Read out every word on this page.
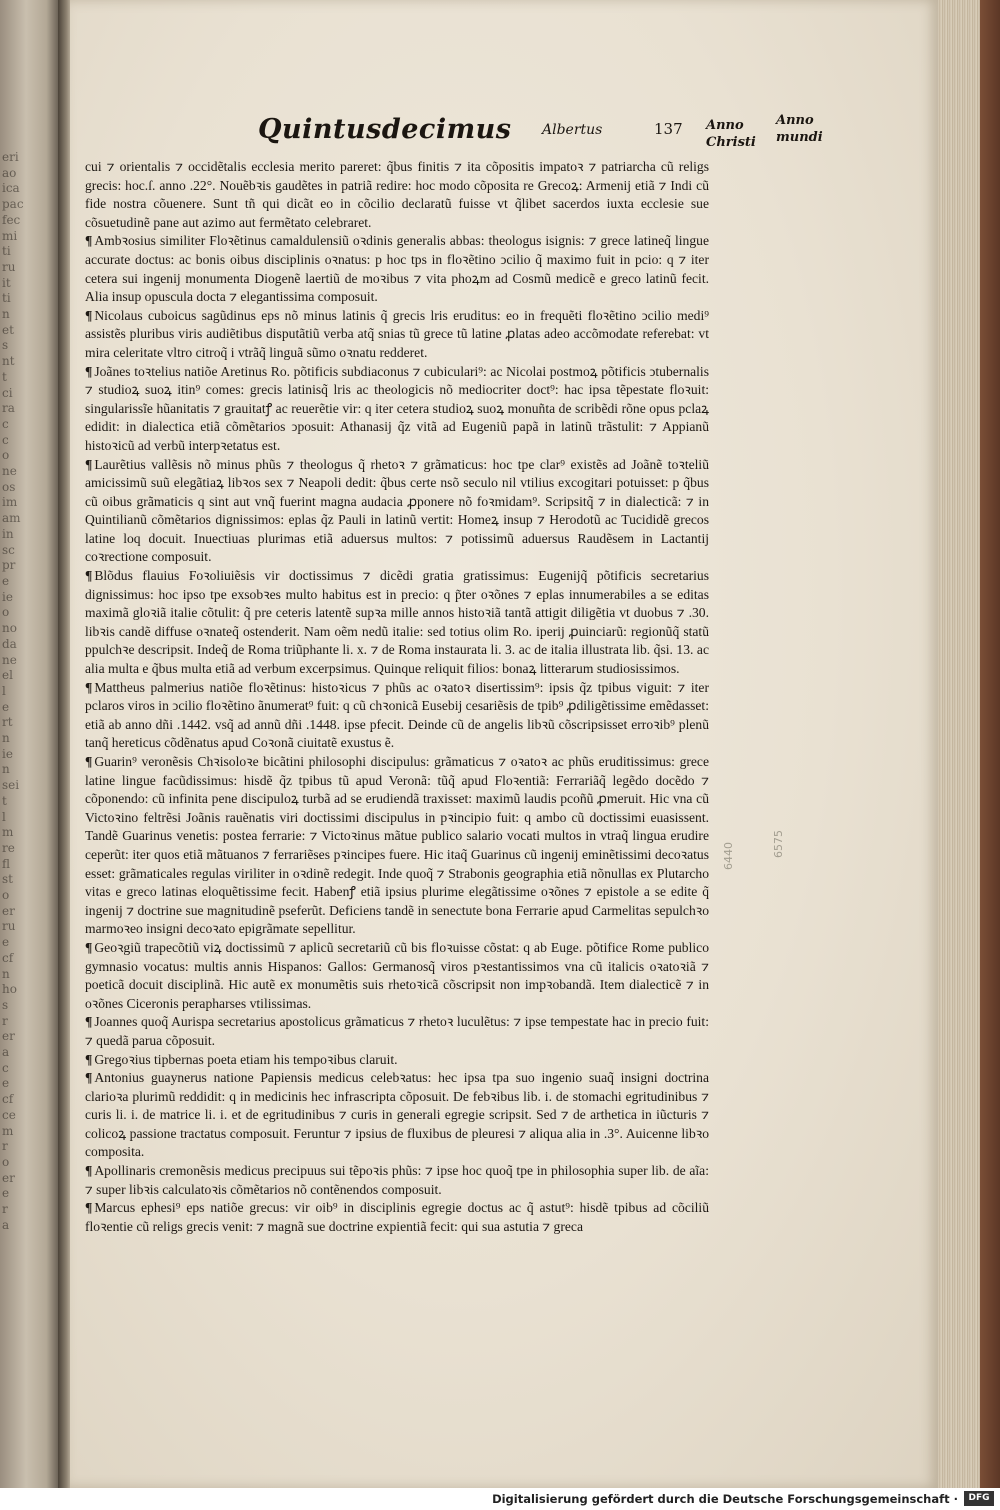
eri
ao
ica
pac
fec
mi
ti
ru
it
ti
n
et
s
nt
t
ci
ra
c
c
o
ne
os
im
am
in
sc
pr
e
ie
o
no
da
ne
el
l
e
rt
n
ie
n
sei
t
l
m
re
fl
st
o
er
ru
e
cf
n
ho
s
r
er
a
c
e
cf
ce
m
r
o
er
e
r
a
Quintusdecimus Albertus	137 Anno
Christi
Anno
mundi

cui ⁊ orientalis ⁊ occidẽtalis ecclesia merito pareret: q̃bus finitis ⁊ ita cõpositis impatoꝛ ⁊ patriarcha cũ religs grecis: hoc.ſ. anno .22°. Nouẽbꝛis gaudẽtes in patriã redire: hoc modo cõposita re Grecoꝝ: Armenij etiã ⁊ Indi cũ fide nostra cõuenere. Sunt tñ qui dicãt eo in cõcilio declaratũ fuisse vt q̃libet sacerdos iuxta ecclesie sue cõsuetudinẽ pane aut azimo aut fermẽtato celebraret.

¶ Ambꝛosius similiter Floꝛẽtinus camaldulensiũ oꝛdinis generalis abbas: theologus isignis: ⁊ grece latineq̃ lingue accurate doctus: ac bonis oibus disciplinis oꝛnatus: p hoc tps in floꝛẽtino ↄcilio q̃ maximo fuit in pcio: q ⁊ iter cetera sui ingenij monumenta Diogenẽ laertiũ de moꝛibus ⁊ vita phoꝝm ad Cosmũ medicẽ e greco latinũ fecit. Alia insup opuscula docta ⁊ elegantissima composuit.

¶ Nicolaus cuboicus sagũdinus eps nõ minus latinis q̃ grecis lris eruditus: eo in frequẽti floꝛẽtino ↄcilio medi⁹ assistẽs pluribus viris audiẽtibus disputãtiũ verba atq̃ snias tũ grece tũ latine ꝓlatas adeo accõmodate referebat: vt mira celeritate vltro citroq̃ i vtrãq̃ linguã sũmo oꝛnatu redderet.

¶ Joãnes toꝛtelius natiõe Aretinus Ro. põtificis subdiaconus ⁊ cubiculari⁹: ac Nicolai postmoꝝ põtificis ↄtubernalis ⁊ studioꝝ suoꝝ itin⁹ comes: grecis latinisq̃ lris ac theologicis nõ mediocriter doct⁹: hac ipsa tẽpestate floꝛuit: singularissĩe hũanitatis ⁊ grauitatꝭ ac reuerẽtie vir: q iter cetera studioꝝ suoꝝ monuñta de scribẽdi rõne opus pclaꝝ edidit: in dialectica etiã cõmẽtarios ↄposuit: Athanasij q̃z vitã ad Eugeniũ papã in latinũ trãstulit: ⁊ Appianũ histoꝛicũ ad verbũ interpꝛetatus est.

¶ Laurẽtius vallẽsis nõ minus phũs ⁊ theologus q̃ rhetoꝛ ⁊ grãmaticus: hoc tpe clar⁹ existẽs ad Joãnẽ toꝛteliũ amicissimũ suũ elegãtiaꝝ libꝛos sex ⁊ Neapoli dedit: q̃bus certe nsõ seculo nil vtilius excogitari potuisset: p q̃bus cũ oibus grãmaticis q sint aut vnq̃ fuerint magna audacia ꝓponere nõ foꝛmidam⁹. Scripsitq̃ ⁊ in dialecticã: ⁊ in Quintilianũ cõmẽtarios dignissimos: eplas q̃z Pauli in latinũ vertit: Homeꝝ insup ⁊ Herodotũ ac Tucididẽ grecos latine loq docuit. Inuectiuas plurimas etiã aduersus multos: ⁊ potissimũ aduersus Raudẽsem in Lactantij coꝛrectione composuit.

¶ Blõdus flauius Foꝛoliuiẽsis vir doctissimus ⁊ dicẽdi gratia gratissimus: Eugenijq̃ põtificis secretarius dignissimus: hoc ipso tpe exsobꝛes multo habitus est in precio: q p̃ter oꝛõnes ⁊ eplas innumerabiles a se editas maximã gloꝛiã italie cõtulit: q̃ pre ceteris latentẽ supꝛa mille annos histoꝛiã tantã attigit diligẽtia vt duobus ⁊ .30. libꝛis candẽ diffuse oꝛnateq̃ ostenderit. Nam oẽm nedũ italie: sed totius olim Ro. iperij ꝓuinciarũ: regionũq̃ statũ ppulchꝛe descripsit. Indeq̃ de Roma triũphante li. x. ⁊ de Roma instaurata li. 3. ac de italia illustrata lib. q̃si. 13. ac alia multa e q̃bus multa etiã ad verbum excerpsimus. Quinque reliquit filios: bonaꝝ litterarum studiosissimos.

¶ Mattheus palmerius natiõe floꝛẽtinus: histoꝛicus ⁊ phũs ac oꝛatoꝛ disertissim⁹: ipsis q̃z tpibus viguit: ⁊ iter pclaros viros in ↄcilio floꝛẽtino ãnumerat⁹ fuit: q cũ chꝛonicã Eusebij cesariẽsis de tpib⁹ ꝓdiligẽtissime emẽdasset: etiã ab anno dñi .1442. vsq̃ ad annũ dñi .1448. ipse pfecit. Deinde cũ de angelis libꝛũ cõscripsisset erroꝛib⁹ plenũ tanq̃ hereticus cõdẽnatus apud Coꝛonã ciuitatẽ exustus ẽ.

¶ Guarin⁹ veronẽsis Chꝛisoloꝛe bicãtini philosophi discipulus: grãmaticus ⁊ oꝛatoꝛ ac phũs eruditissimus: grece latine lingue facũdissimus: hisdẽ q̃z tpibus tũ apud Veronã: tũq̃ apud Floꝛentiã: Ferrariãq̃ legẽdo docẽdo ⁊ cõponendo: cũ infinita pene discipuloꝝ turbã ad se erudiendã traxisset: maximũ laudis pcoñũ ꝓmeruit. Hic vna cũ Victoꝛino feltrẽsi Joãnis rauẽnatis viri doctissimi discipulus in pꝛincipio fuit: q ambo cũ doctissimi euasissent. Tandẽ Guarinus venetis: postea ferrarie: ⁊ Victoꝛinus mãtue publico salario vocati multos in vtraq̃ lingua erudire ceperũt: iter quos etiã mãtuanos ⁊ ferrariẽses pꝛincipes fuere. Hic itaq̃ Guarinus cũ ingenij eminẽtissimi decoꝛatus esset: grãmaticales regulas viriliter in oꝛdinẽ redegit. Inde quoq̃ ⁊ Strabonis geographia etiã nõnullas ex Plutarcho vitas e greco latinas eloquẽtissime fecit. Habenꝭ etiã ipsius plurime elegãtissime oꝛõnes ⁊ epistole a se edite q̃ ingenij ⁊ doctrine sue magnitudinẽ pseferũt. Deficiens tandẽ in senectute bona Ferrarie apud Carmelitas sepulchꝛo marmoꝛeo insigni decoꝛato epigrãmate sepellitur.

¶ Geoꝛgiũ trapecõtiũ viꝝ doctissimũ ⁊ aplicũ secretariũ cũ bis floꝛuisse cõstat: q ab Euge. põtifice Rome publico gymnasio vocatus: multis annis Hispanos: Gallos: Germanosq̃ viros pꝛestantissimos vna cũ italicis oꝛatoꝛiã ⁊ poeticã docuit disciplinã. Hic autẽ ex monumẽtis suis rhetoꝛicã cõscripsit non impꝛobandã. Item dialecticẽ ⁊ in oꝛõnes Ciceronis perapharses vtilissimas.

¶ Joannes quoq̃ Aurispa secretarius apostolicus grãmaticus ⁊ rhetoꝛ luculẽtus: ⁊ ipse tempestate hac in precio fuit: ⁊ quedã parua cõposuit.

¶ Gregoꝛius tipbernas poeta etiam his tempoꝛibus claruit.

¶ Antonius guaynerus natione Papiensis medicus celebꝛatus: hec ipsa tpa suo ingenio suaq̃ insigni doctrina clarioꝛa plurimũ reddidit: q in medicinis hec infrascripta cõposuit. De febꝛibus lib. i. de stomachi egritudinibus ⁊ curis li. i. de matrice li. i. et de egritudinibus ⁊ curis in generali egregie scripsit. Sed ⁊ de arthetica in iũcturis ⁊ colicoꝝ passione tractatus composuit. Feruntur ⁊ ipsius de fluxibus de pleuresi ⁊ aliqua alia in .3°. Auicenne libꝛo composita.

¶ Apollinaris cremonẽsis medicus precipuus sui tẽpoꝛis phũs: ⁊ ipse hoc quoq̃ tpe in philosophia super lib. de aĩa: ⁊ super libꝛis calculatoꝛis cõmẽtarios nõ contẽnendos composuit.

¶ Marcus ephesi⁹ eps natiõe grecus: vir oib⁹ in disciplinis egregie doctus ac q̃ astut⁹: hisdẽ tpibus ad cõciliũ floꝛentie cũ religs grecis venit: ⁊ magnã sue doctrine expientiã fecit: qui sua astutia ⁊ greca

6440	6575
Digitalisierung gefördert durch die Deutsche Forschungsgemeinschaft ·	DFG
